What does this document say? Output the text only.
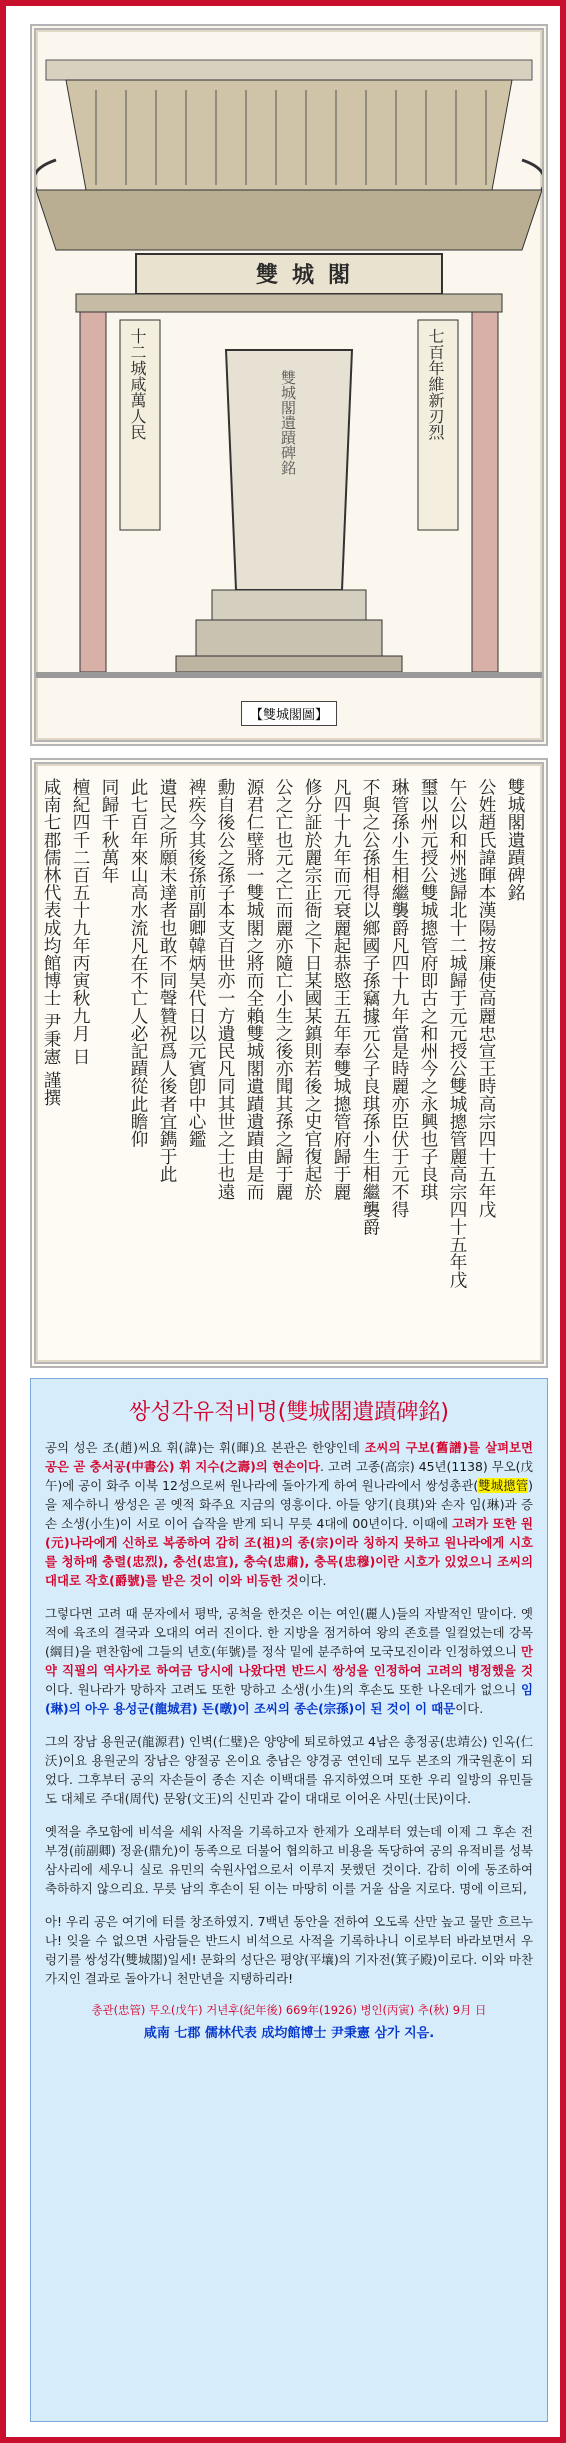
雙城閣
十二城咸萬人民	七百年維新刃烈
雙城閣遺蹟碑銘
【雙城閣圖】
雙城閣遺蹟碑銘
公姓趙氏諱暉本漢陽按廉使高麗忠宣王時高宗四十五年戊
午公以和州逃歸北十二城歸于元元授公雙城摠管麗高宗四十五年戊
璽以州元授公雙城摠管府即古之和州今之永興也子良琪
琳管孫小生相繼襲爵凡四十九年當是時麗亦臣伏于元不得
不與之公孫相得以鄉國子孫竊據元公子良琪孫小生相繼襲爵
凡四十九年而元衰麗起恭愍王五年奉雙城摠管府歸于麗
修分証於麗宗正衙之下日某國某鎮則若後之史官復起於
公之亡也元之亡而麗亦隨亡小生之後亦聞其孫之歸于麗
源君仁壁將一雙城閣之將而全賴雙城閣遺蹟遺蹟由是而
勳自後公之孫子本支百世亦一方遺民凡同其世之士也遠
裨疾今其後孫前副卿韓炳昊代日以元賓卽中心鑑
遺民之所願未達者也敢不同聲贊祝爲人後者宜鐫于此
此七百年來山高水流凡在不亡人必記蹟從此瞻仰
同歸千秋萬年
檀紀四千二百五十九年丙寅秋九月 日
咸南七郡儒林代表成均館博士 尹秉憲 謹撰
쌍성각유적비명(雙城閣遺蹟碑銘)
공의 성은 조(趙)씨요 휘(諱)는 휘(暉)요 본관은 한양인데 조씨의 구보(舊譜)를 살펴보면 공은 곧 충서공(中書公) 휘 지수(之壽)의 현손이다. 고려 고종(高宗) 45년(1138) 무오(戊午)에 공이 화주 이북 12성으로써 원나라에 돌아가게 하여 원나라에서 쌍성총관(雙城摠管)을 제수하니 쌍성은 곧 옛적 화주요 지금의 영흥이다. 아들 양기(良琪)와 손자 임(琳)과 증손 소생(小生)이 서로 이어 습작을 받게 되니 무릇 4대에 00년이다. 이때에 고려가 또한 원(元)나라에게 신하로 복종하여 감히 조(祖)의 종(宗)이라 칭하지 못하고 원나라에게 시호를 청하매 충렬(忠烈), 충선(忠宣), 충숙(忠肅), 충목(忠穆)이란 시호가 있었으니 조씨의 대대로 작호(爵號)를 받은 것이 이와 비등한 것이다.
그렇다면 고려 때 문자에서 평박, 공척을 한것은 이는 여인(麗人)들의 자발적인 말이다. 옛적에 육조의 결국과 오대의 여러 진이다. 한 지방을 점거하여 왕의 존호를 일컬었는데 강목(綱目)을 편찬함에 그들의 년호(年號)를 정삭 밑에 분주하여 모국모진이라 인정하였으니 만약 직필의 역사가로 하여금 당시에 나왔다면 반드시 쌍성을 인정하여 고려의 병정했을 것이다. 원나라가 망하자 고려도 또한 망하고 소생(小生)의 후손도 또한 나온데가 없으니 임(琳)의 아우 용성군(龍城君) 돈(暾)이 조씨의 종손(宗孫)이 된 것이 이 때문이다.
그의 장남 용원군(龍源君) 인벽(仁璧)은 양양에 퇴로하였고 4남은 총정공(忠靖公) 인옥(仁沃)이요 용원군의 장남은 양절공 온이요 충남은 양경공 연인데 모두 본조의 개국원훈이 되었다. 그후부터 공의 자손들이 종손 지손 이백대를 유지하였으며 또한 우리 일방의 유민들도 대체로 주대(周代) 문왕(文王)의 신민과 같이 대대로 이어온 사민(士民)이다.
옛적을 추모함에 비석을 세워 사적을 기록하고자 한제가 오래부터 였는데 이제 그 후손 전부경(前副卿) 정윤(鼎允)이 동족으로 더불어 협의하고 비용을 독당하여 공의 유적비를 성북 삼사리에 세우니 실로 유민의 숙원사업으로서 이루지 못했던 것이다. 감히 이에 동조하여 축하하지 않으리요. 무릇 남의 후손이 된 이는 마땅히 이를 거울 삼을 지로다. 명에 이르되,
아! 우리 공은 여기에 터를 창조하였지. 7백년 동안을 전하여 오도록 산만 높고 물만 흐르누나! 잊을 수 없으면 사람들은 반드시 비석으로 사적을 기록하나니 이로부터 바라보면서 우렁기를 쌍성각(雙城閣)일세! 문화의 성단은 평양(平壤)의 기자전(箕子殿)이로다. 이와 마찬가지인 결과로 돌아가니 천만년을 지탱하리라!
총관(忠管) 무오(戊午) 거년후(紀年後) 669年(1926) 병인(丙寅) 추(秋) 9月 日
咸南 七郡 儒林代表 成均館博士 尹秉憲 삼가 지음.
